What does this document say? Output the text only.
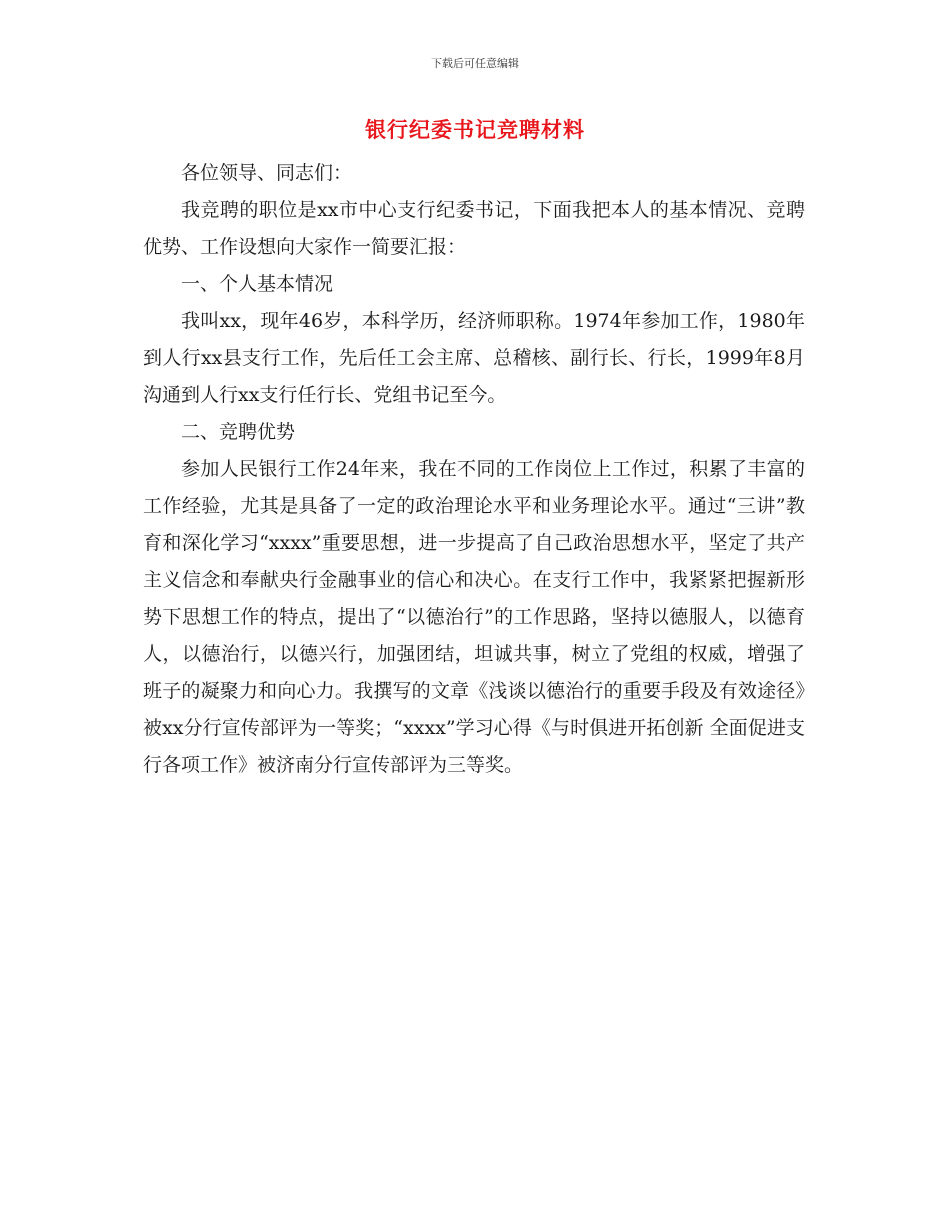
下载后可任意编辑
银行纪委书记竞聘材料

各位领导、同志们：

我竞聘的职位是xx市中心支行纪委书记，下面我把本人的基本情况、竞聘优势、工作设想向大家作一简要汇报：

一、个人基本情况

我叫xx，现年46岁，本科学历，经济师职称。1974年参加工作，1980年到人行xx县支行工作，先后任工会主席、总稽核、副行长、行长，1999年8月沟通到人行xx支行任行长、党组书记至今。

二、竞聘优势

参加人民银行工作24年来，我在不同的工作岗位上工作过，积累了丰富的工作经验，尤其是具备了一定的政治理论水平和业务理论水平。通过“三讲”教育和深化学习“xxxx”重要思想，进一步提高了自己政治思想水平，坚定了共产主义信念和奉献央行金融事业的信心和决心。在支行工作中，我紧紧把握新形势下思想工作的特点，提出了“以德治行”的工作思路，坚持以德服人，以德育人，以德治行，以德兴行，加强团结，坦诚共事，树立了党组的权威，增强了班子的凝聚力和向心力。我撰写的文章《浅谈以德治行的重要手段及有效途径》被xx分行宣传部评为一等奖；“xxxx”学习心得《与时俱进开拓创新 全面促进支行各项工作》被济南分行宣传部评为三等奖。
